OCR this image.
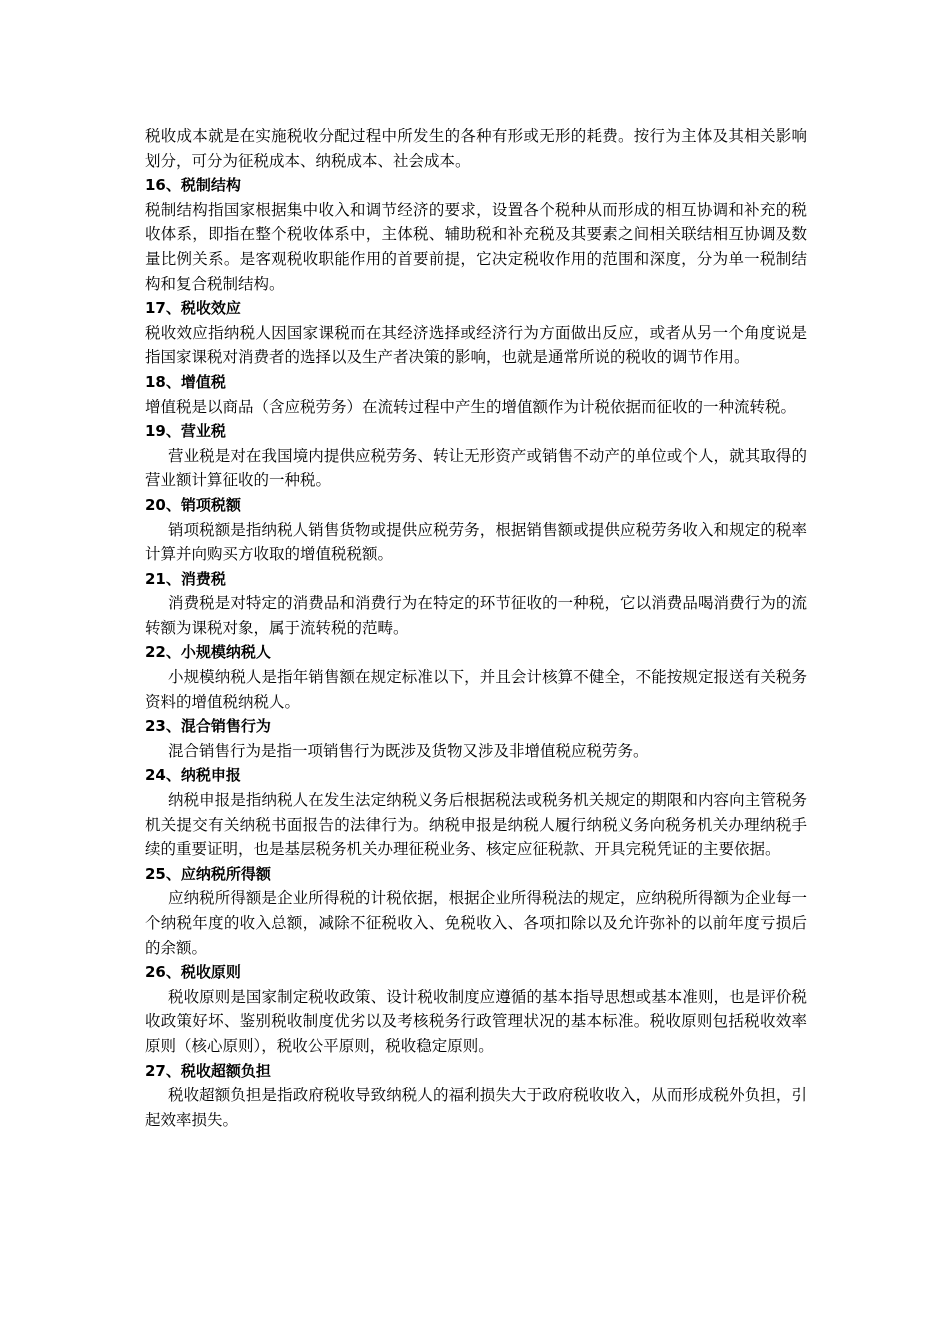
税收成本就是在实施税收分配过程中所发生的各种有形或无形的耗费。按行为主体及其相关影响划分，可分为征税成本、纳税成本、社会成本。

16、税制结构

税制结构指国家根据集中收入和调节经济的要求，设置各个税种从而形成的相互协调和补充的税收体系，即指在整个税收体系中，主体税、辅助税和补充税及其要素之间相关联结相互协调及数量比例关系。是客观税收职能作用的首要前提，它决定税收作用的范围和深度，分为单一税制结构和复合税制结构。

17、税收效应

税收效应指纳税人因国家课税而在其经济选择或经济行为方面做出反应，或者从另一个角度说是指国家课税对消费者的选择以及生产者决策的影响，也就是通常所说的税收的调节作用。

18、增值税

增值税是以商品（含应税劳务）在流转过程中产生的增值额作为计税依据而征收的一种流转税。

19、营业税

营业税是对在我国境内提供应税劳务、转让无形资产或销售不动产的单位或个人，就其取得的营业额计算征收的一种税。

20、销项税额

销项税额是指纳税人销售货物或提供应税劳务，根据销售额或提供应税劳务收入和规定的税率计算并向购买方收取的增值税税额。

21、消费税

消费税是对特定的消费品和消费行为在特定的环节征收的一种税，它以消费品喝消费行为的流转额为课税对象，属于流转税的范畴。

22、小规模纳税人

小规模纳税人是指年销售额在规定标准以下，并且会计核算不健全，不能按规定报送有关税务资料的增值税纳税人。

23、混合销售行为

混合销售行为是指一项销售行为既涉及货物又涉及非增值税应税劳务。

24、纳税申报

纳税申报是指纳税人在发生法定纳税义务后根据税法或税务机关规定的期限和内容向主管税务机关提交有关纳税书面报告的法律行为。纳税申报是纳税人履行纳税义务向税务机关办理纳税手续的重要证明，也是基层税务机关办理征税业务、核定应征税款、开具完税凭证的主要依据。

25、应纳税所得额

应纳税所得额是企业所得税的计税依据，根据企业所得税法的规定，应纳税所得额为企业每一个纳税年度的收入总额，减除不征税收入、免税收入、各项扣除以及允许弥补的以前年度亏损后的余额。

26、税收原则

税收原则是国家制定税收政策、设计税收制度应遵循的基本指导思想或基本准则，也是评价税收政策好坏、鉴别税收制度优劣以及考核税务行政管理状况的基本标准。税收原则包括税收效率原则（核心原则），税收公平原则，税收稳定原则。

27、税收超额负担

税收超额负担是指政府税收导致纳税人的福利损失大于政府税收收入，从而形成税外负担，引起效率损失。
